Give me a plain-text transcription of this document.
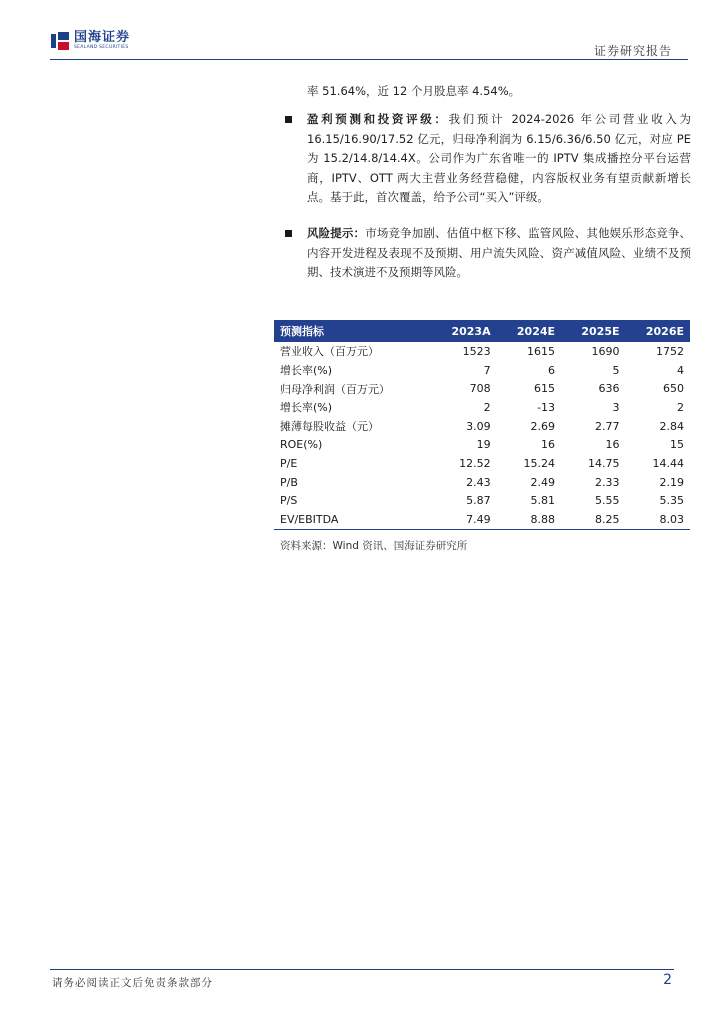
国海证券
SEALAND SECURITIES	证券研究报告
率 51.64%，近 12 个月股息率 4.54%。
盈利预测和投资评级：我们预计 2024-2026 年公司营业收入为 16.15/16.90/17.52 亿元，归母净利润为 6.15/6.36/6.50 亿元，对应 PE 为 15.2/14.8/14.4X。公司作为广东省唯一的 IPTV 集成播控分平台运营商，IPTV、OTT 两大主营业务经营稳健，内容版权业务有望贡献新增长点。基于此，首次覆盖，给予公司“买入”评级。
风险提示：市场竞争加剧、估值中枢下移、监管风险、其他娱乐形态竞争、内容开发进程及表现不及预期、用户流失风险、资产减值风险、业绩不及预期、技术演进不及预期等风险。
预测指标	2023A	2024E	2025E	2026E
营业收入（百万元）	1523	1615	1690	1752
增长率(%)	7	6	5	4
归母净利润（百万元）	708	615	636	650
增长率(%)	2	-13	3	2
摊薄每股收益（元）	3.09	2.69	2.77	2.84
ROE(%)	19	16	16	15
P/E	12.52	15.24	14.75	14.44
P/B	2.43	2.49	2.33	2.19
P/S	5.87	5.81	5.55	5.35
EV/EBITDA	7.49	8.88	8.25	8.03
资料来源：Wind 资讯、国海证券研究所
请务必阅读正文后免责条款部分	2
